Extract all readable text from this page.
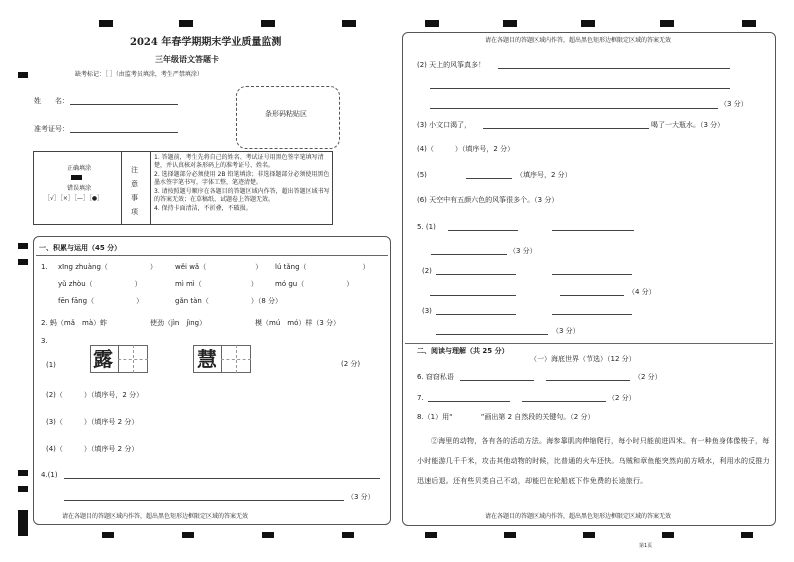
2024 年春学期期末学业质量监测
三年级语文答题卡
缺考标记：［ ］（由监考员填涂，考生严禁填涂）
姓　　名：
准考证号：
条形码粘贴区
正确填涂
错误填涂
［√］［×］［—］［●］
注意事项
1. 答题前，考生先将自己的姓名、考试证号用黑色签字笔填写清楚，并认真核对条形码上的准考证号、姓名。
2. 选择题部分必须使用 2B 铅笔填涂；非选择题部分必须使用黑色墨水签字笔书写，字体工整，笔迹清楚。
3. 请按照题号顺序在各题目的答题区域内作答，超出答题区域书写的答案无效；在草稿纸、试题卷上答题无效。
4. 保持卡面清洁，不折叠，不破损。
一、积累与运用（45 分）
1. xīng zhuàng（　　　　　　）	wěi wǎ（　　　　　　　） lú tǎng（　　　　　　　　）
yǔ zhòu（　　　　　　）	mì mì（　　　　　　　） mó gu（　　　　　　）
fēn fāng（　　　　　　）	gǎn tàn（　　　　　　）（8 分）
2. 蚂（mǎ　mà）蚱	使劲（jìn　jìng）	模（mú　mó）样（3 分）
3.
(1) 露	慧	(2 分)
(2)（　　　）（填序号，2 分）
(3)（　　　）（填序号 2 分）
(4)（　　　）（填序号 2 分）
4.(1)
（3 分）
请在各题目的答题区域内作答，超出黑色矩形边框限定区域的答案无效
请在各题目的答题区域内作答，超出黑色矩形边框限定区域的答案无效
(2) 天上的风筝真多！
（3 分）
(3) 小文口渴了，	喝了一大瓶水。（3 分）
(4)（　　　）（填序号，2 分）
(5)	（填序号，2 分）
(6) 天空中有五颜六色的风筝很多个。（3 分）
5. (1)
（3 分）
(2)
（4 分）
(3)
（3 分）
二、阅读与理解（共 25 分）
（一）海底世界（节选）（12 分）
6. 窃窃私语	（2 分）
7.	（2 分）
8.（1）用“　　　　”画出第 2 自然段的关键句。（2 分）
②海里的动物，各有各的活动方法。海参靠肌肉伸缩爬行，每小时只能前进四米。有一种鱼身体像梭子，每小时能游几千千米，攻击其他动物的时候，比普通的火车还快。乌贼和章鱼能突然向前方喷水，利用水的反推力迅速后退。还有些贝类自己不动，却能巴在轮船底下作免费的长途旅行。
请在各题目的答题区域内作答，超出黑色矩形边框限定区域的答案无效
第1页
